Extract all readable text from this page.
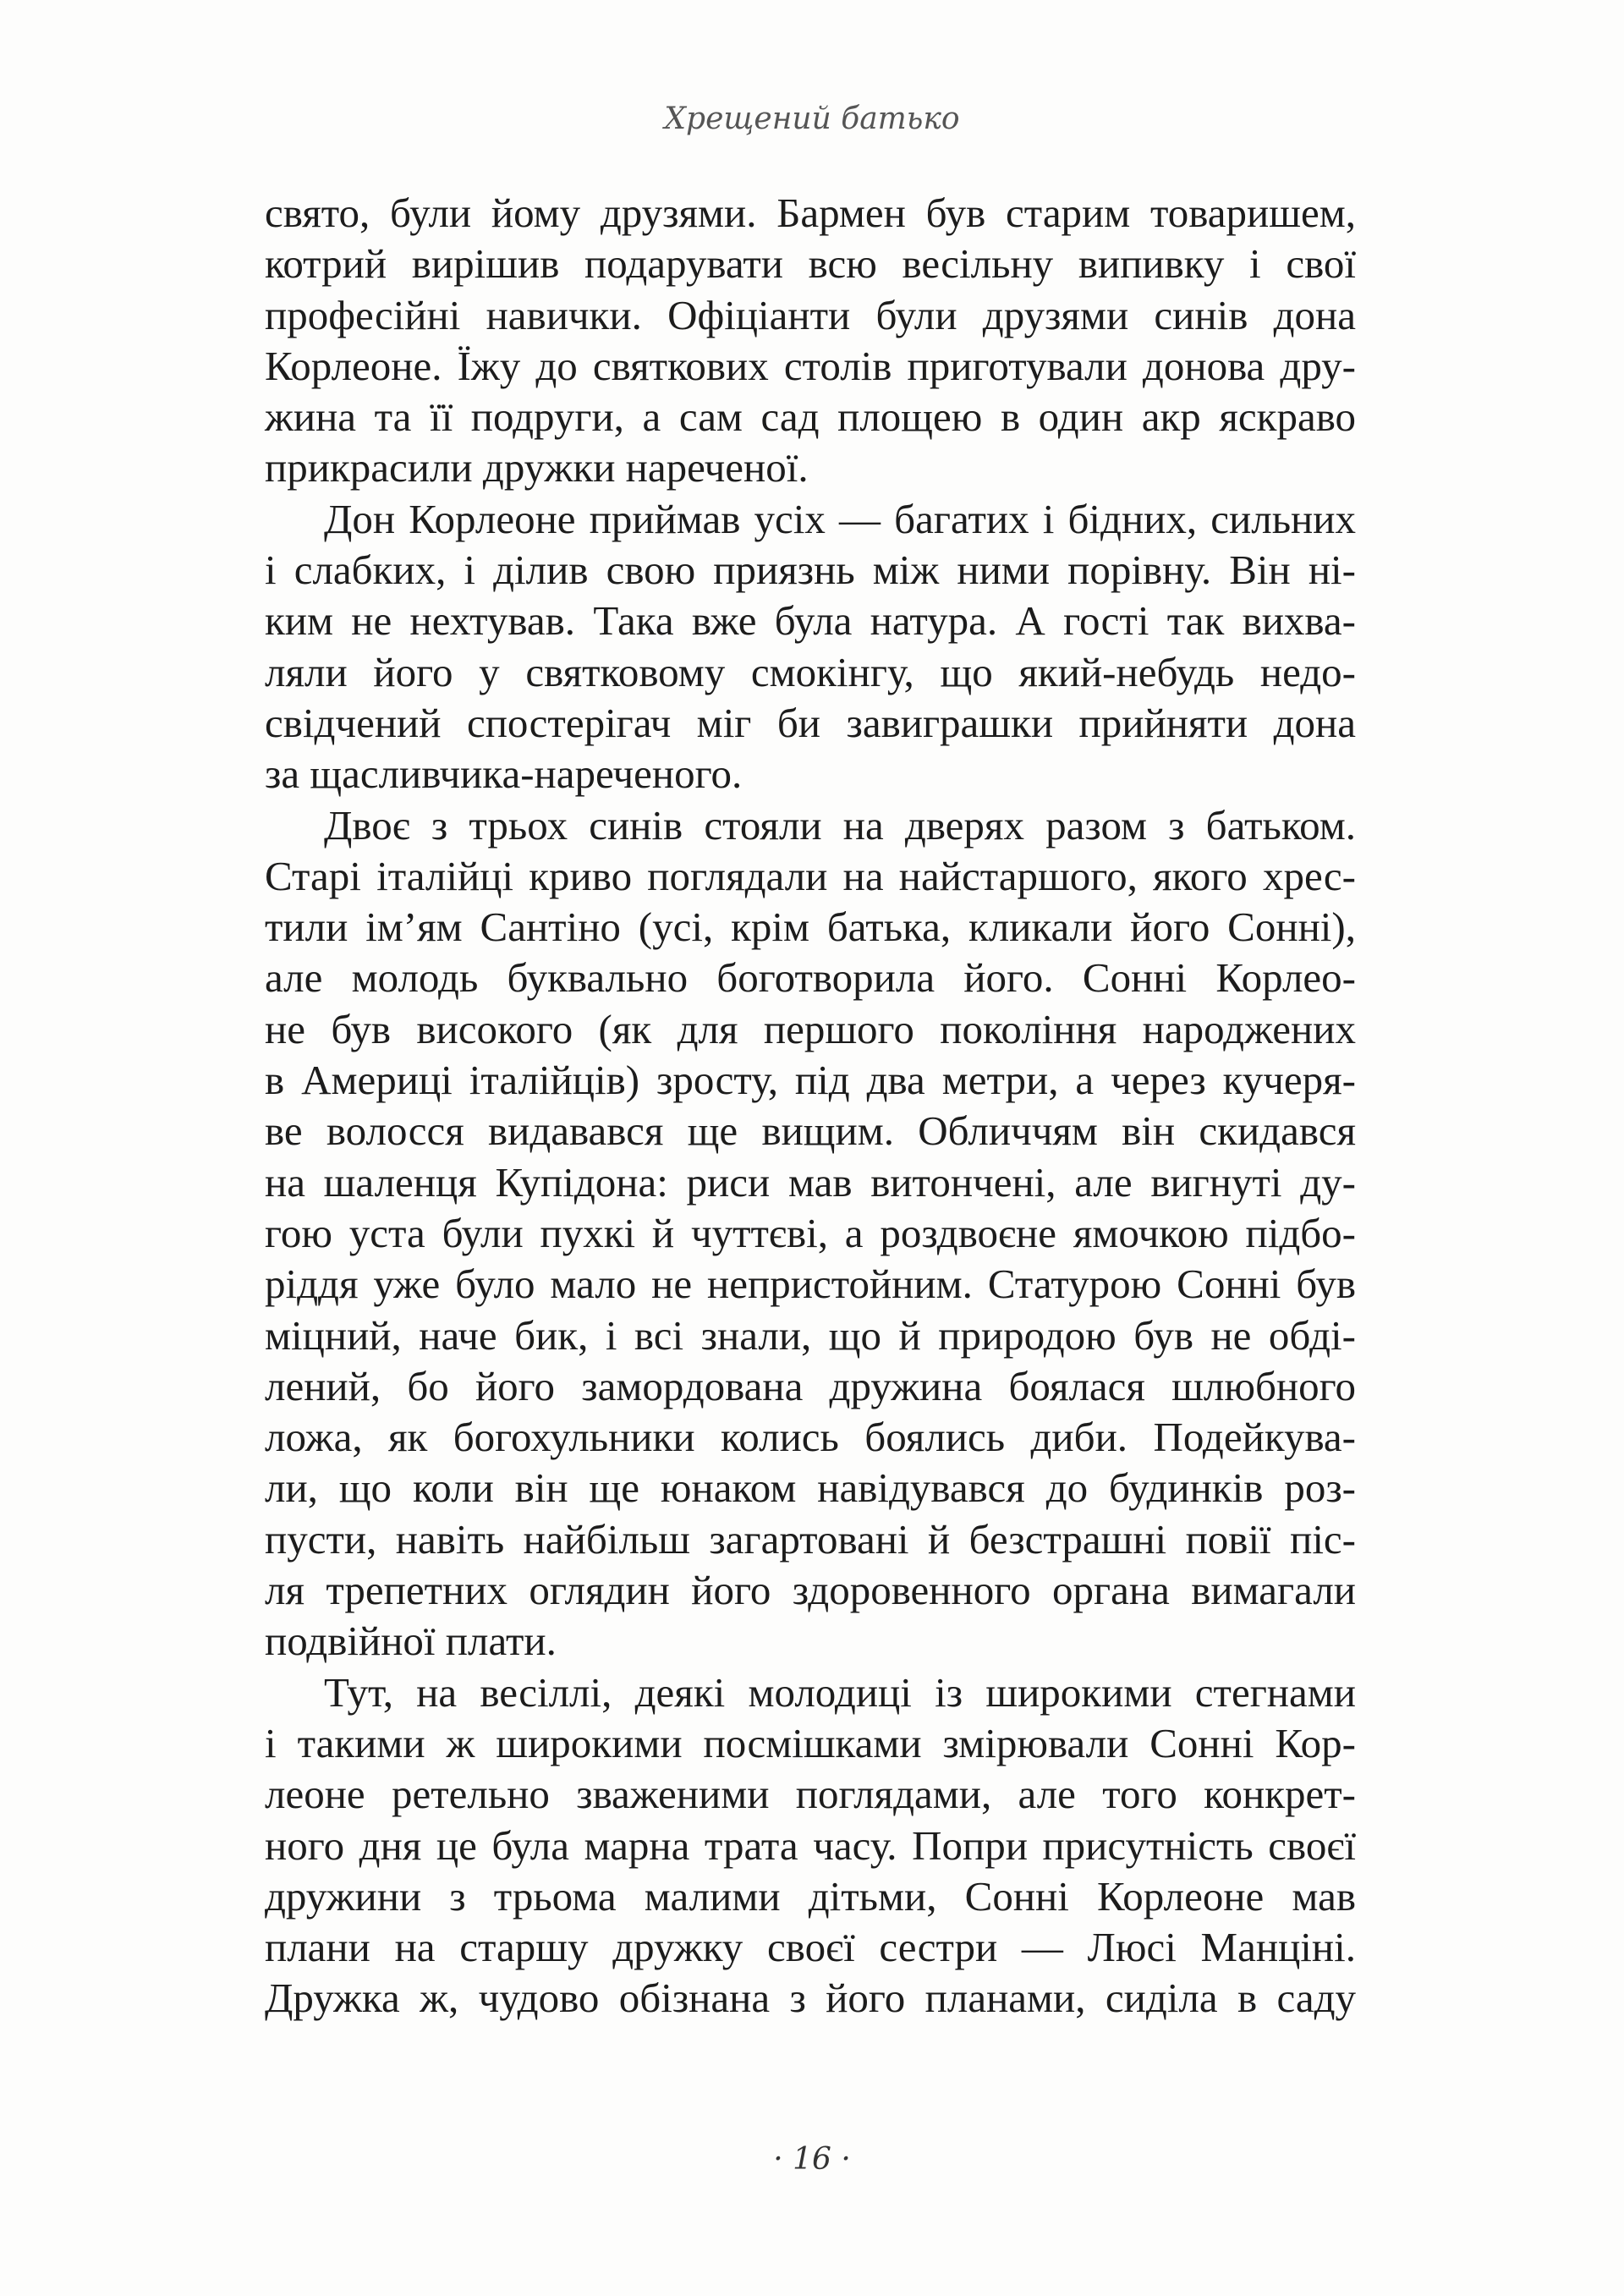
Хрещений батько
свято, були йому друзями. Бармен був старим товаришем,
котрий вирішив подарувати всю весільну випивку і свої
професійні навички. Офіціанти були друзями синів дона
Корлеоне. Їжу до святкових столів приготували донова дру-
жина та її подруги, а сам сад площею в один акр яскраво
прикрасили дружки нареченої.
Дон Корлеоне приймав усіх — багатих і бідних, сильних
і слабких, і ділив свою приязнь між ними порівну. Він ні-
ким не нехтував. Така вже була натура. А гості так вихва-
ляли його у святковому смокінгу, що який-небудь недо-
свідчений спостерігач міг би завиграшки прийняти дона
за щасливчика-нареченого.
Двоє з трьох синів стояли на дверях разом з батьком.
Старі італійці криво поглядали на найстаршого, якого хрес-
тили ім’ям Сантіно (усі, крім батька, кликали його Сонні),
але молодь буквально боготворила його. Сонні Корлео-
не був високого (як для першого покоління народжених
в Америці італійців) зросту, під два метри, а через кучеря-
ве волосся видавався ще вищим. Обличчям він скидався
на шаленця Купідона: риси мав витончені, але вигнуті ду-
гою уста були пухкі й чуттєві, а роздвоєне ямочкою підбо-
ріддя уже було мало не непристойним. Статурою Сонні був
міцний, наче бик, і всі знали, що й природою був не обді-
лений, бо його замордована дружина боялася шлюбного
ложа, як богохульники колись боялись диби. Подейкува-
ли, що коли він ще юнаком навідувався до будинків роз-
пусти, навіть найбільш загартовані й безстрашні повії піс-
ля трепетних оглядин його здоровенного органа вимагали
подвійної плати.
Тут, на весіллі, деякі молодиці із широкими стегнами
і такими ж широкими посмішками змірювали Сонні Кор-
леоне ретельно зваженими поглядами, але того конкрет-
ного дня це була марна трата часу. Попри присутність своєї
дружини з трьома малими дітьми, Сонні Корлеоне мав
плани на старшу дружку своєї сестри — Люсі Манціні.
Дружка ж, чудово обізнана з його планами, сиділа в саду
· 16 ·
